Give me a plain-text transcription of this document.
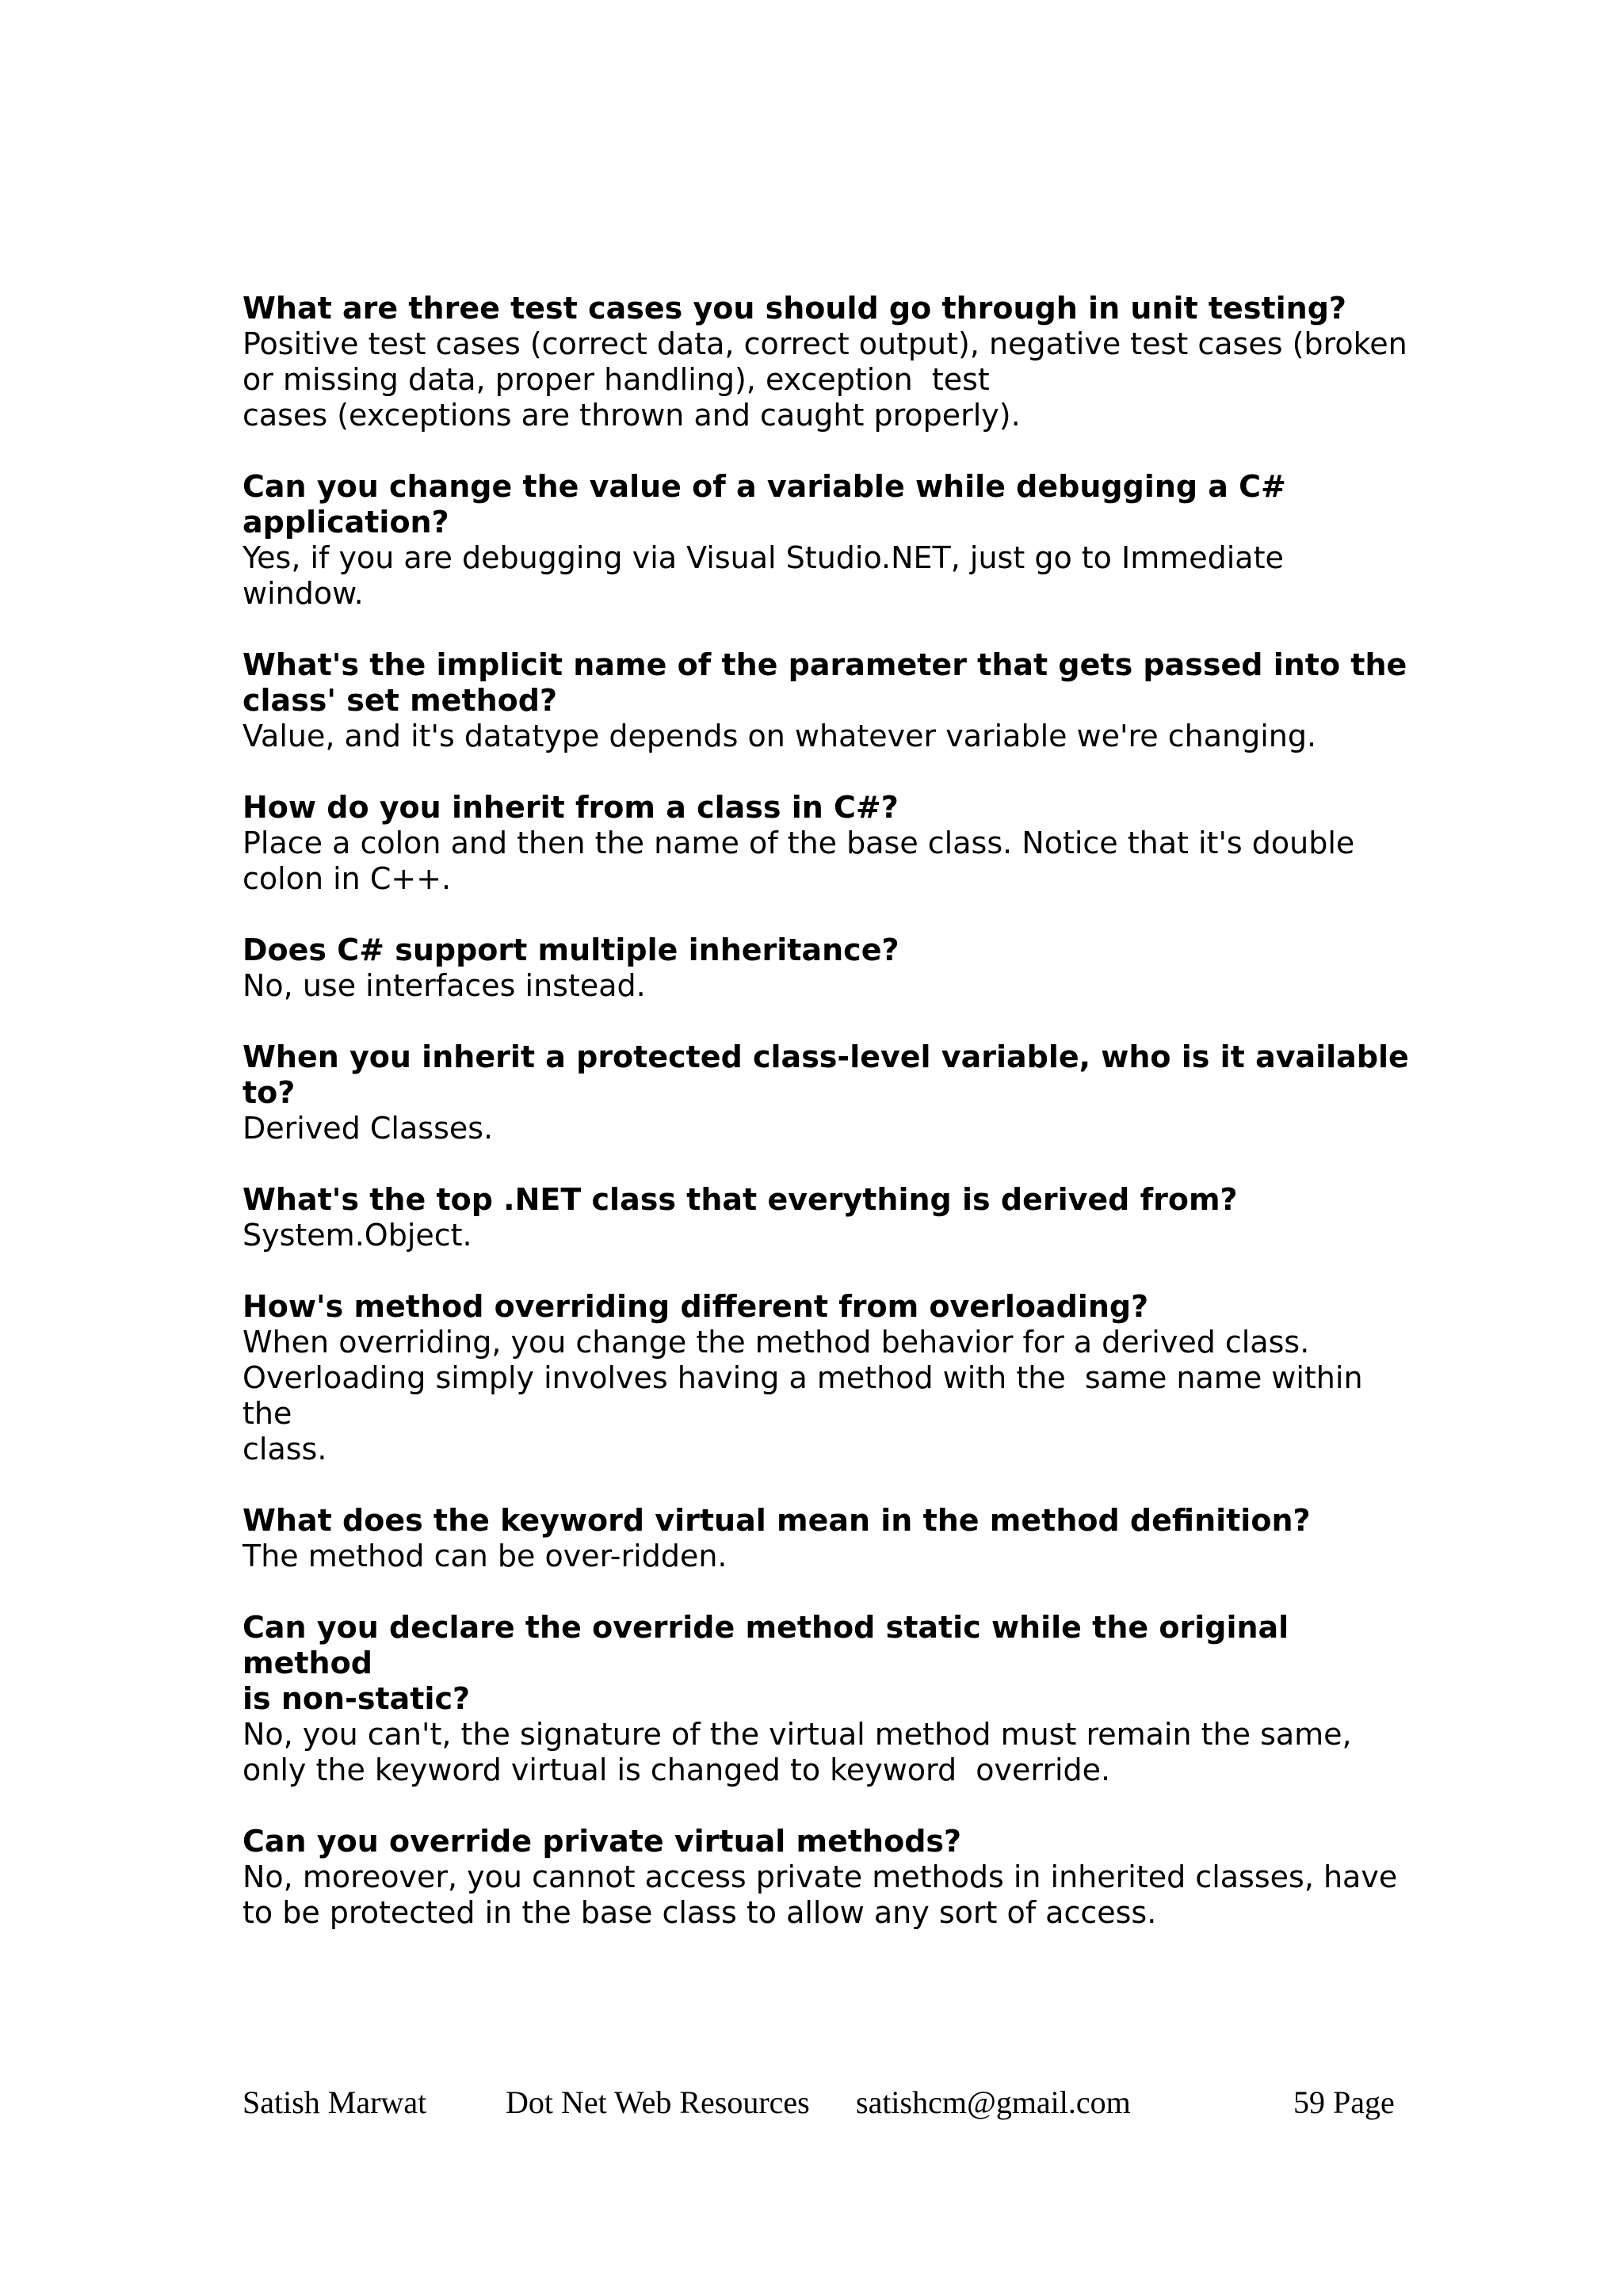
What are three test cases you should go through in unit testing?

Positive test cases (correct data, correct output), negative test cases (broken
or missing data, proper handling), exception  test
cases (exceptions are thrown and caught properly).

Can you change the value of a variable while debugging a C#
application?

Yes, if you are debugging via Visual Studio.NET, just go to Immediate
window.

What's the implicit name of the parameter that gets passed into the
class' set method?

Value, and it's datatype depends on whatever variable we're changing.

How do you inherit from a class in C#?

Place a colon and then the name of the base class. Notice that it's double
colon in C++.

Does C# support multiple inheritance?

No, use interfaces instead.

When you inherit a protected class-level variable, who is it available
to?

Derived Classes.

What's the top .NET class that everything is derived from?

System.Object.

How's method overriding different from overloading?

When overriding, you change the method behavior for a derived class.
Overloading simply involves having a method with the  same name within the
class.

What does the keyword virtual mean in the method definition?

The method can be over-ridden.

Can you declare the override method static while the original method
is non-static?

No, you can't, the signature of the virtual method must remain the same,
only the keyword virtual is changed to keyword  override.

Can you override private virtual methods?

No, moreover, you cannot access private methods in inherited classes, have
to be protected in the base class to allow any sort of access.

Satish Marwat Dot Net Web Resources satishcm@gmail.com	59 Page
